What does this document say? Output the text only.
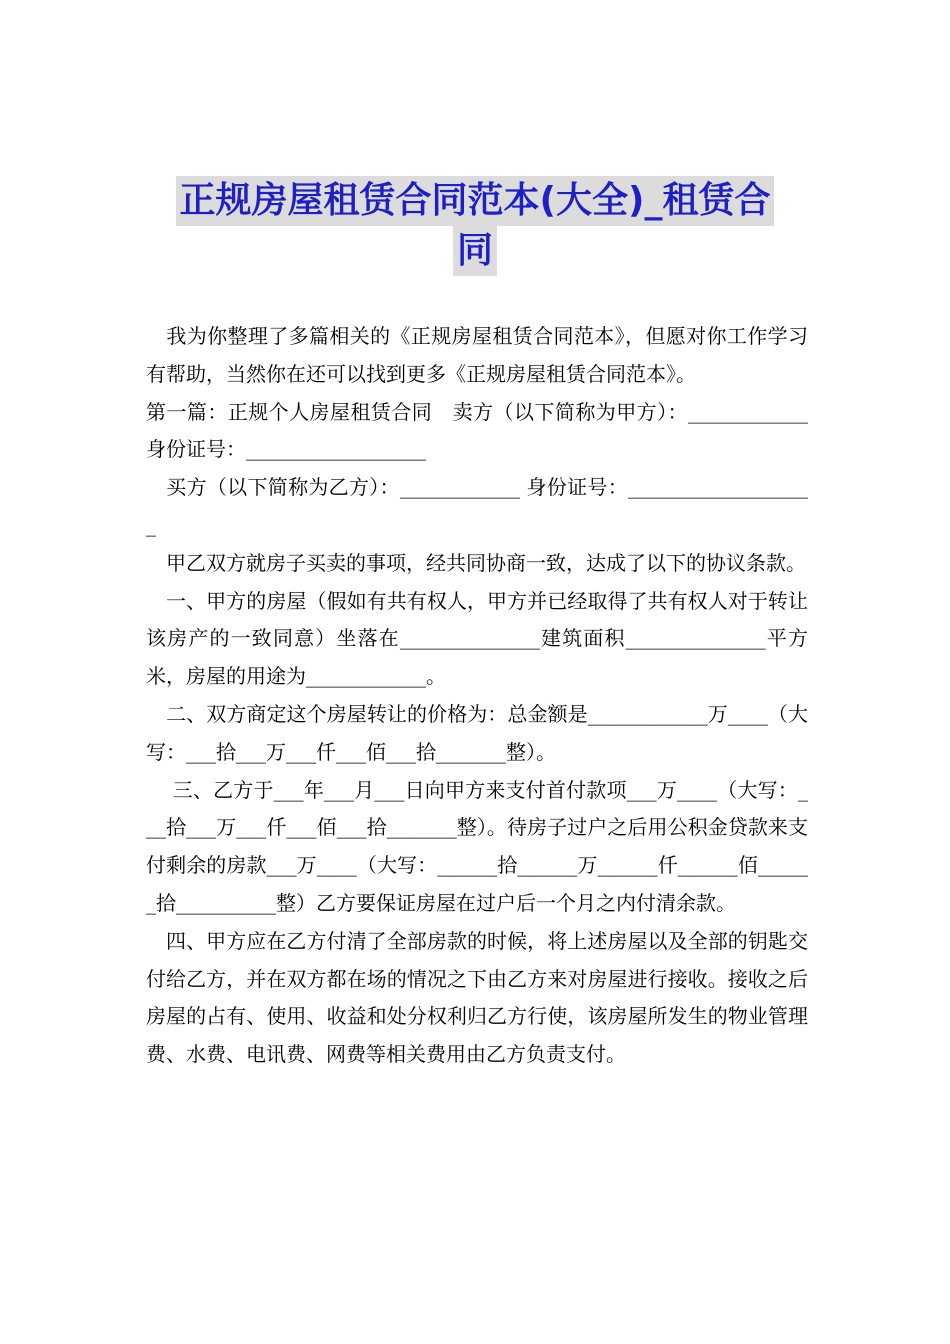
正规房屋租赁合同范本(大全)_租赁合
同

　我为你整理了多篇相关的《正规房屋租赁合同范本》，但愿对你工作学习有帮助，当然你在还可以找到更多《正规房屋租赁合同范本》。

第一篇：正规个人房屋租赁合同　卖方（以下简称为甲方）：____________身份证号：__________________

　买方（以下简称为乙方）：____________ 身份证号：___________________

　甲乙双方就房子买卖的事项，经共同协商一致，达成了以下的协议条款。

　一、甲方的房屋（假如有共有权人，甲方并已经取得了共有权人对于转让该房产的一致同意）坐落在______________建筑面积______________平方米，房屋的用途为____________。

　二、双方商定这个房屋转让的价格为：总金额是____________万____（大写：___拾___万___仟___佰___拾_______整）。

　 三、乙方于___年___月___日向甲方来支付首付款项___万____（大写：___拾___万___仟___佰___拾_______整）。待房子过户之后用公积金贷款来支付剩余的房款___万____（大写：______拾______万______仟______佰______拾__________整）乙方要保证房屋在过户后一个月之内付清余款。

　四、甲方应在乙方付清了全部房款的时候，将上述房屋以及全部的钥匙交付给乙方，并在双方都在场的情况之下由乙方来对房屋进行接收。接收之后房屋的占有、使用、收益和处分权利归乙方行使，该房屋所发生的物业管理费、水费、电讯费、网费等相关费用由乙方负责支付。
